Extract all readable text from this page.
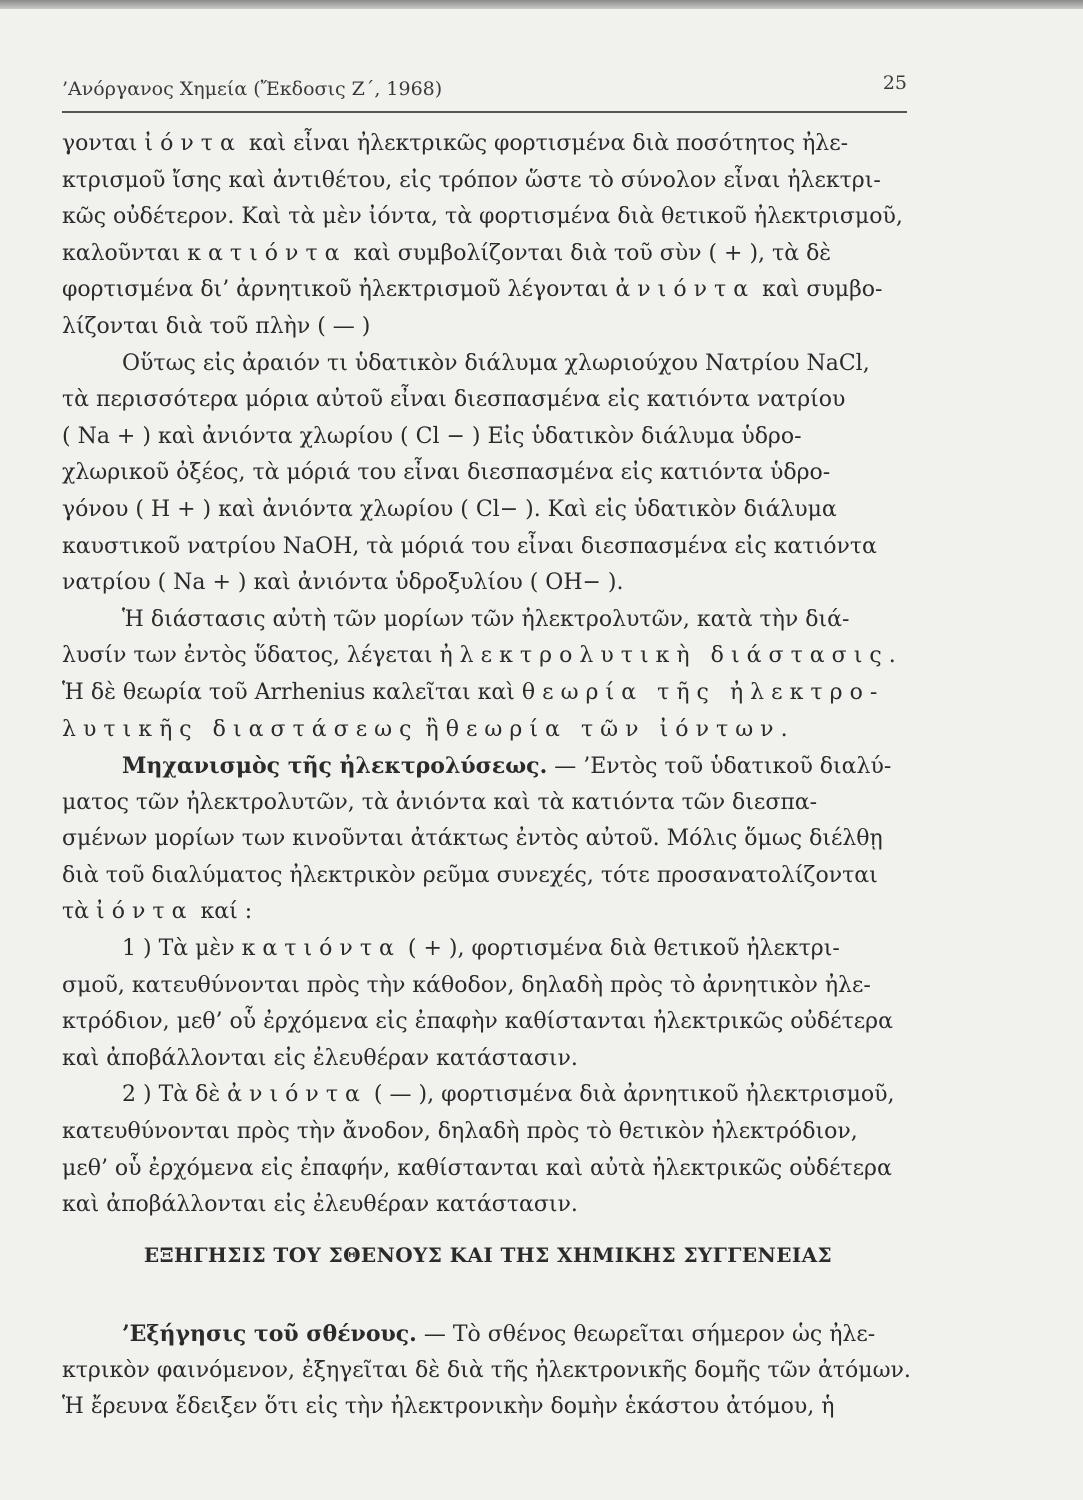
’Ανόργανος Χημεία (Ἔκδοσις Ζ΄, 1968)	25
γονται ἰόντα καὶ εἶναι ἠλεκτρικῶς φορτισμένα διὰ ποσότητος ἠλε-
κτρισμοῦ ἴσης καὶ ἀντιθέτου, εἰς τρόπον ὥστε τὸ σύνολον εἶναι ἠλεκτρι-
κῶς οὐδέτερον. Καὶ τὰ μὲν ἰόντα, τὰ φορτισμένα διὰ θετικοῦ ἠλεκτρισμοῦ,
καλοῦνται κατιόντα καὶ συμβολίζονται διὰ τοῦ σὺν ( + ), τὰ δὲ
φορτισμένα δι’ ἀρνητικοῦ ἠλεκτρισμοῦ λέγονται ἀνιόντα καὶ συμβο-
λίζονται διὰ τοῦ πλὴν ( — )
Οὕτως εἰς ἀραιόν τι ὑδατικὸν διάλυμα χλωριούχου Νατρίου NaCl,
τὰ περισσότερα μόρια αὐτοῦ εἶναι διεσπασμένα εἰς κατιόντα νατρίου
( Na + ) καὶ ἀνιόντα χλωρίου ( Cl − ) Εἰς ὑδατικὸν διάλυμα ὑδρο-
χλωρικοῦ ὀξέος, τὰ μόριά του εἶναι διεσπασμένα εἰς κατιόντα ὑδρο-
γόνου ( H + ) καὶ ἀνιόντα χλωρίου ( Cl− ). Καὶ εἰς ὑδατικὸν διάλυμα
καυστικοῦ νατρίου NaOH, τὰ μόριά του εἶναι διεσπασμένα εἰς κατιόντα
νατρίου ( Na + ) καὶ ἀνιόντα ὑδροξυλίου ( OH− ).
Ἡ διάστασις αὐτὴ τῶν μορίων τῶν ἠλεκτρολυτῶν, κατὰ τὴν διά-
λυσίν των ἐντὸς ὕδατος, λέγεται ἠλεκτρολυτικὴ διάστασις.
Ἡ δὲ θεωρία τοῦ Arrhenius καλεῖται καὶ θεωρία τῆς ἠλεκτρο-
λυτικῆς διαστάσεως ἢ θεωρία τῶν ἰόντων.
Μηχανισμὸς τῆς ἠλεκτρολύσεως. — ’Εντὸς τοῦ ὑδατικοῦ διαλύ-
ματος τῶν ἠλεκτρολυτῶν, τὰ ἀνιόντα καὶ τὰ κατιόντα τῶν διεσπα-
σμένων μορίων των κινοῦνται ἀτάκτως ἐντὸς αὐτοῦ. Μόλις ὅμως διέλθῃ
διὰ τοῦ διαλύματος ἠλεκτρικὸν ρεῦμα συνεχές, τότε προσανατολίζονται
τὰ ἰόντα καί :
1 ) Τὰ μὲν κατιόντα ( + ), φορτισμένα διὰ θετικοῦ ἠλεκτρι-
σμοῦ, κατευθύνονται πρὸς τὴν κάθοδον, δηλαδὴ πρὸς τὸ ἀρνητικὸν ἠλε-
κτρόδιον, μεθ’ οὗ ἐρχόμενα εἰς ἐπαφὴν καθίστανται ἠλεκτρικῶς οὐδέτερα
καὶ ἀποβάλλονται εἰς ἐλευθέραν κατάστασιν.
2 ) Τὰ δὲ ἀνιόντα ( — ), φορτισμένα διὰ ἀρνητικοῦ ἠλεκτρισμοῦ,
κατευθύνονται πρὸς τὴν ἄνοδον, δηλαδὴ πρὸς τὸ θετικὸν ἠλεκτρόδιον,
μεθ’ οὗ ἐρχόμενα εἰς ἐπαφήν, καθίστανται καὶ αὐτὰ ἠλεκτρικῶς οὐδέτερα
καὶ ἀποβάλλονται εἰς ἐλευθέραν κατάστασιν.
ΕΞΗΓΗΣΙΣ ΤΟΥ ΣΘΕΝΟΥΣ ΚΑΙ ΤΗΣ ΧΗΜΙΚΗΣ ΣΥΓΓΕΝΕΙΑΣ
’Εξήγησις τοῦ σθένους. — Τὸ σθένος θεωρεῖται σήμερον ὡς ἠλε-
κτρικὸν φαινόμενον, ἐξηγεῖται δὲ διὰ τῆς ἠλεκτρονικῆς δομῆς τῶν ἀτόμων.
Ἡ ἔρευνα ἔδειξεν ὅτι εἰς τὴν ἠλεκτρονικὴν δομὴν ἑκάστου ἀτόμου, ἡ
